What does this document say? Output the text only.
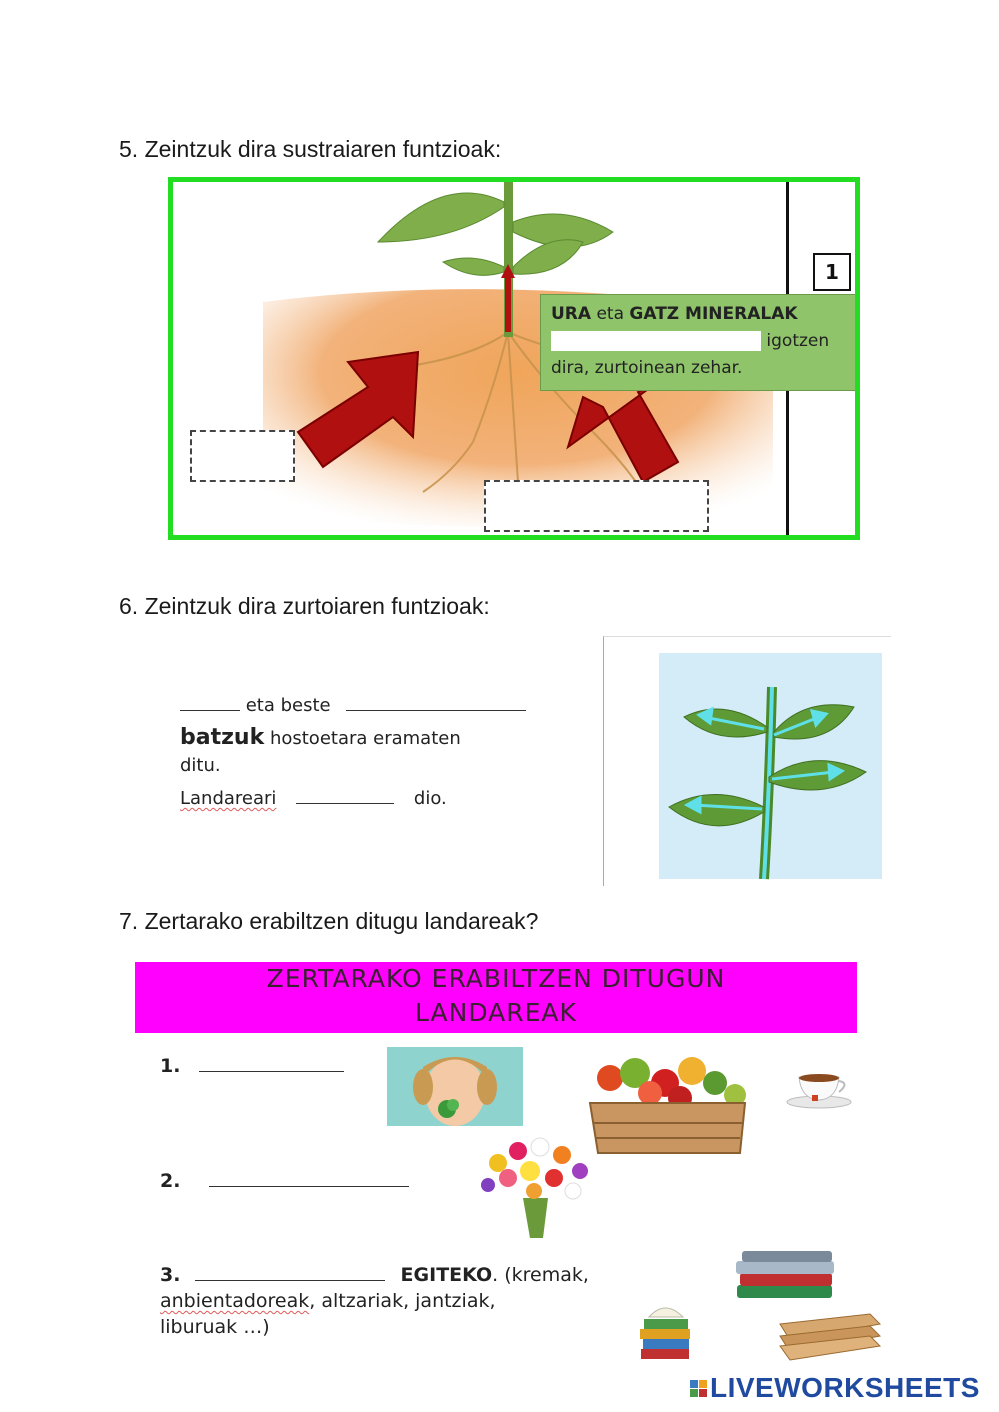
5. Zeintzuk dira sustraiaren funtzioak:
1
URA eta GATZ MINERALAK
igotzen
dira, zurtoinean zehar.
6. Zeintzuk dira zurtoiaren funtzioak:
eta beste
batzuk hostoetara eramaten
ditu.
Landareari	dio.
7. Zertarako erabiltzen ditugu landareak?
ZERTARAKO ERABILTZEN DITUGUN
LANDAREAK
1.
2.
3.	EGITEKO. (kremak,
anbientadoreak, altzariak, jantziak,
liburuak …)
LIVEWORKSHEETS
